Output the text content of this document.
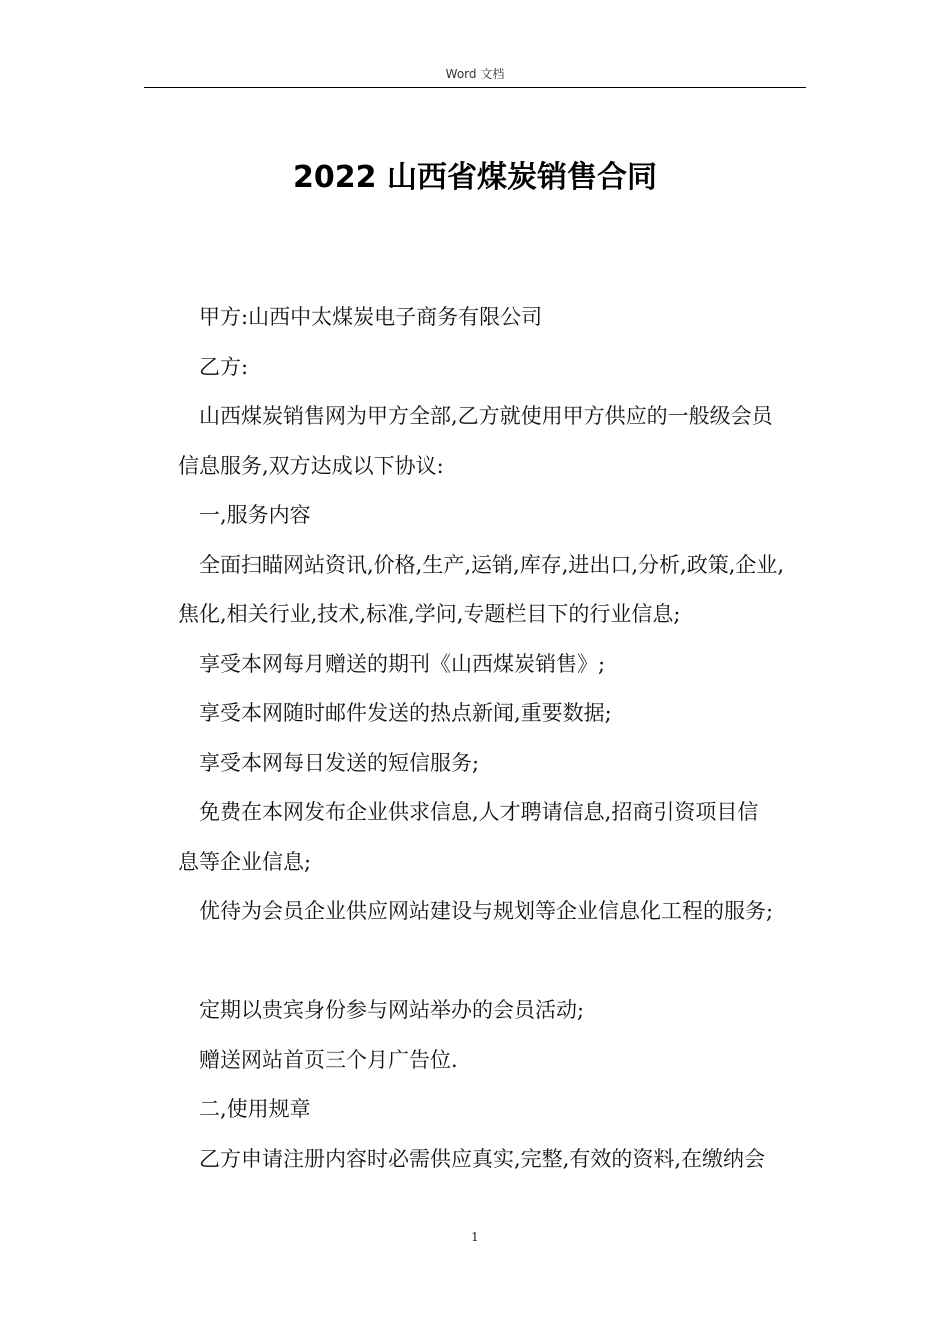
Word 文档
2022 山西省煤炭销售合同

甲方:山西中太煤炭电子商务有限公司

乙方:

山西煤炭销售网为甲方全部,乙方就使用甲方供应的一般级会员

信息服务,双方达成以下协议:

一,服务内容

全面扫瞄网站资讯,价格,生产,运销,库存,进出口,分析,政策,企业,

焦化,相关行业,技术,标准,学问,专题栏目下的行业信息;

享受本网每月赠送的期刊《山西煤炭销售》;

享受本网随时邮件发送的热点新闻,重要数据;

享受本网每日发送的短信服务;

免费在本网发布企业供求信息,人才聘请信息,招商引资项目信

息等企业信息;

优待为会员企业供应网站建设与规划等企业信息化工程的服务;

定期以贵宾身份参与网站举办的会员活动;

赠送网站首页三个月广告位.

二,使用规章

乙方申请注册内容时必需供应真实,完整,有效的资料,在缴纳会

1
